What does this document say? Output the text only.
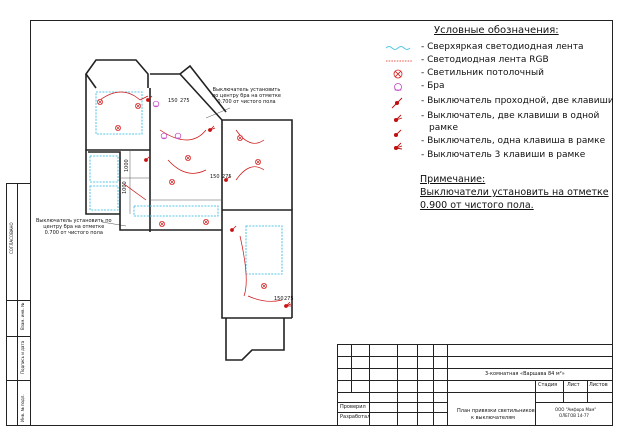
СОГЛАСОВАНО
Взам. инв. №
Подпись и дата
Инв. № подл.
150
150
150
1000
1000
275
275
275
Выключатель установить
по центру бра на отметке
0.700 от чистого пола
Выключатель установить по
центру бра на отметке
0.700 от чистого пола
Условные обозначения:
- Сверхяркая светодиодная лента
- Светодиодная лента RGB
- Светильник потолочный
- Бра
- Выключатель проходной, две клавиши
- Выключатель, две клавиши в одной
рамке
- Выключатель, одна клавиша в рамке
- Выключатель 3 клавиши в рамке
Примечание:
Выключатели установить на отметке
0.900 от чистого пола.
3-комнатная «Варшава 84 м²»
Стадия Лист Листов
Проверил
Разработал
План привязки светильников
к выключателям
ООО "Амфора Мам"
ОЛЕГОВ 14-77
